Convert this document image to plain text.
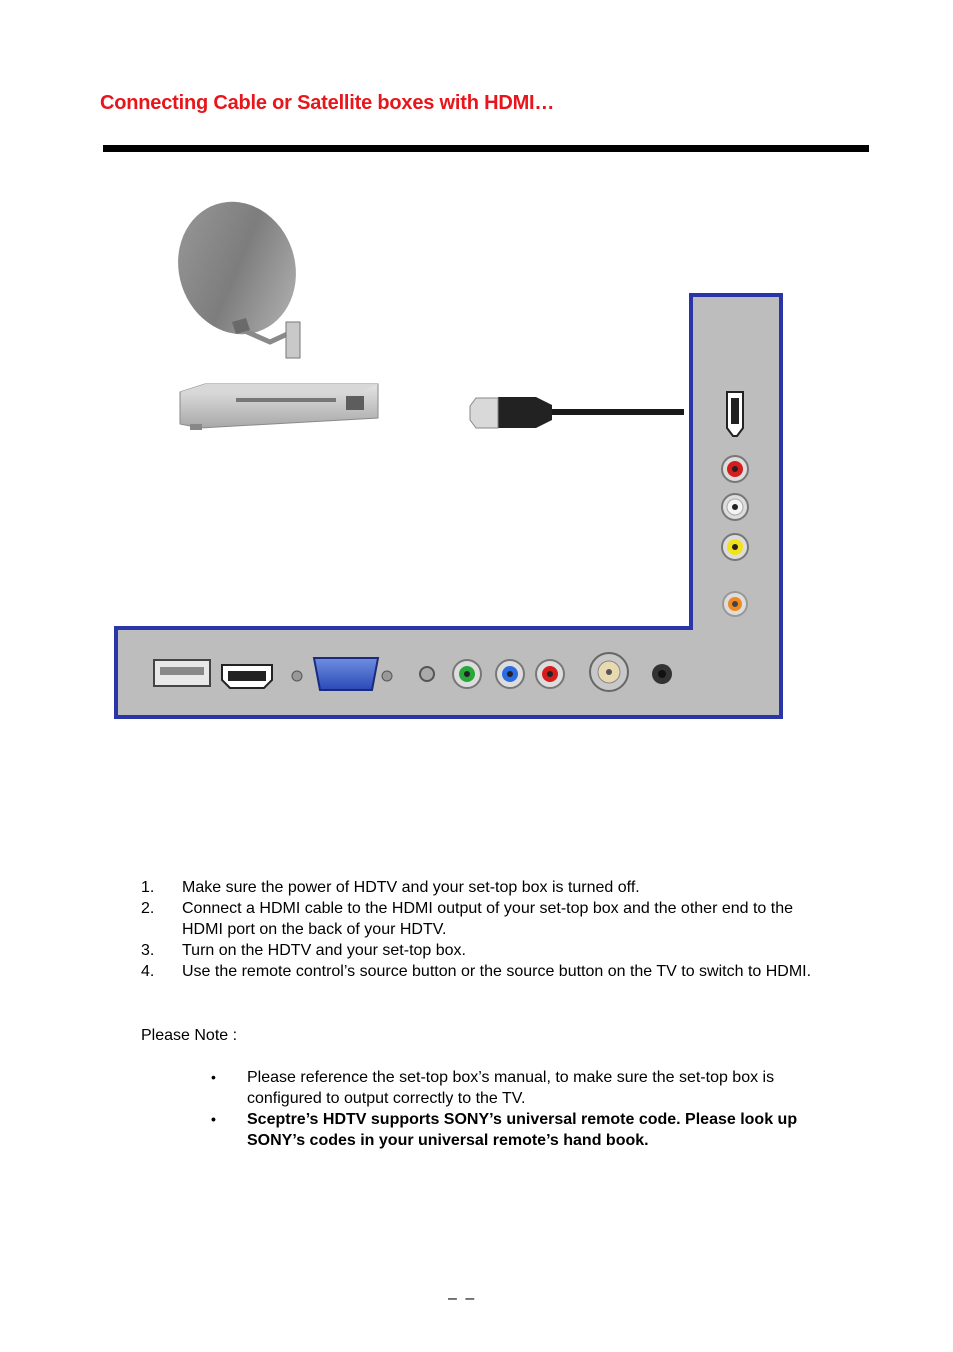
Connecting Cable or Satellite boxes with HDMI…
1. Make sure the power of HDTV and your set-top box is turned off.
2. Connect a HDMI cable to the HDMI output of your set-top box and the other end to the HDMI port on the back of your HDTV.
3. Turn on the HDTV and your set-top box.
4. Use the remote control’s source button or the source button on the TV to switch to HDMI.
Please Note :
• Please reference the set-top box’s manual, to make sure the set-top box is configured to output correctly to the TV.
• Sceptre’s HDTV supports SONY’s universal remote code. Please look up SONY’s codes in your universal remote’s hand book.
– –
